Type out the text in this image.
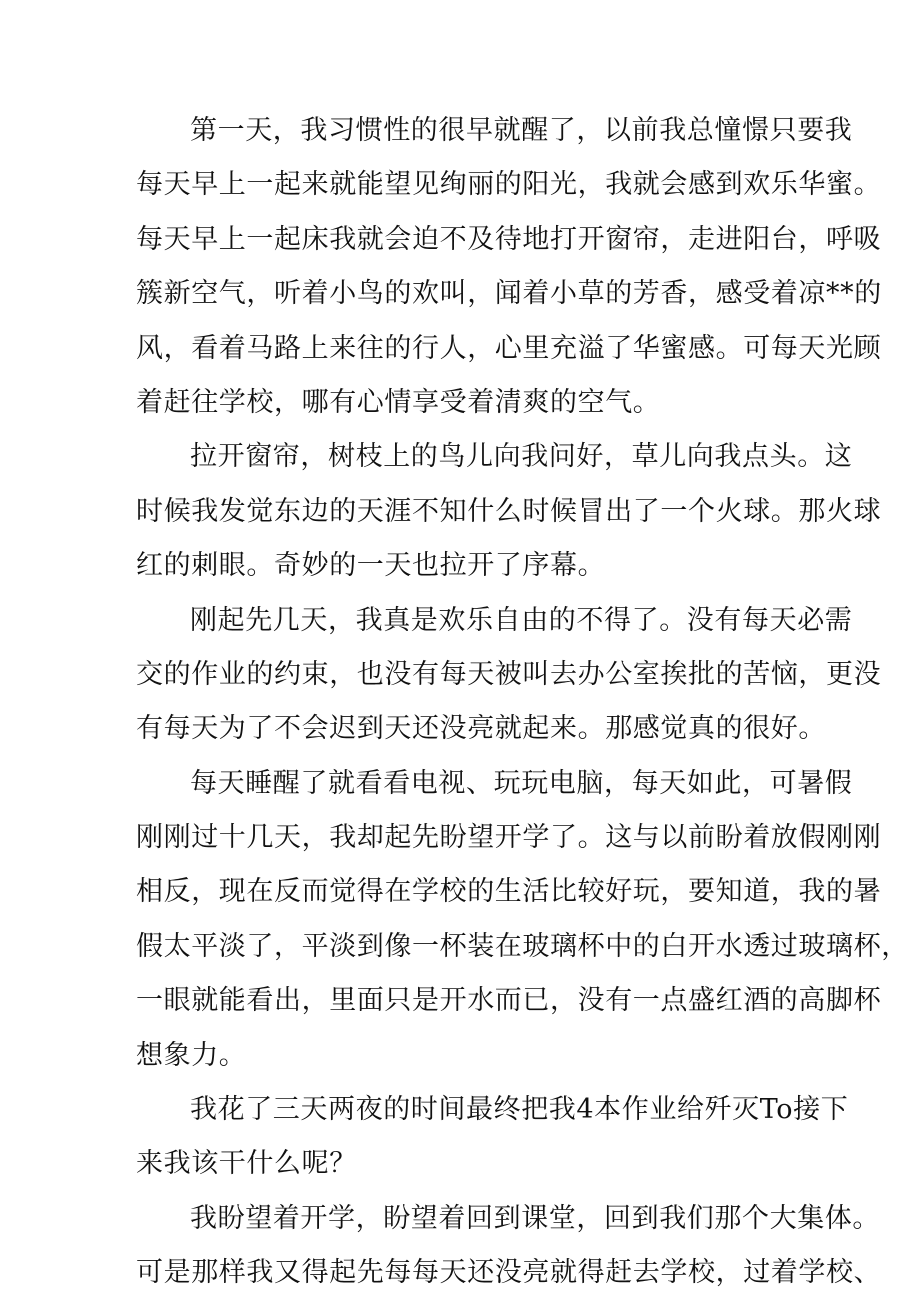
第一天，我习惯性的很早就醒了，以前我总憧憬只要我
每天早上一起来就能望见绚丽的阳光，我就会感到欢乐华蜜。
每天早上一起床我就会迫不及待地打开窗帘，走进阳台，呼吸
簇新空气，听着小鸟的欢叫，闻着小草的芳香，感受着凉**的
风，看着马路上来往的行人，心里充溢了华蜜感。可每天光顾
着赶往学校，哪有心情享受着清爽的空气。
拉开窗帘，树枝上的鸟儿向我问好，草儿向我点头。这
时候我发觉东边的天涯不知什么时候冒出了一个火球。那火球
红的刺眼。奇妙的一天也拉开了序幕。
刚起先几天，我真是欢乐自由的不得了。没有每天必需
交的作业的约束，也没有每天被叫去办公室挨批的苦恼，更没
有每天为了不会迟到天还没亮就起来。那感觉真的很好。
每天睡醒了就看看电视、玩玩电脑，每天如此，可暑假
刚刚过十几天，我却起先盼望开学了。这与以前盼着放假刚刚
相反，现在反而觉得在学校的生活比较好玩，要知道，我的暑
假太平淡了，平淡到像一杯装在玻璃杯中的白开水透过玻璃杯，
一眼就能看出，里面只是开水而已，没有一点盛红酒的高脚杯
想象力。
我花了三天两夜的时间最终把我4本作业给歼灭To接下
来我该干什么呢？
我盼望着开学，盼望着回到课堂，回到我们那个大集体。
可是那样我又得起先每每天还没亮就得赶去学校，过着学校、
